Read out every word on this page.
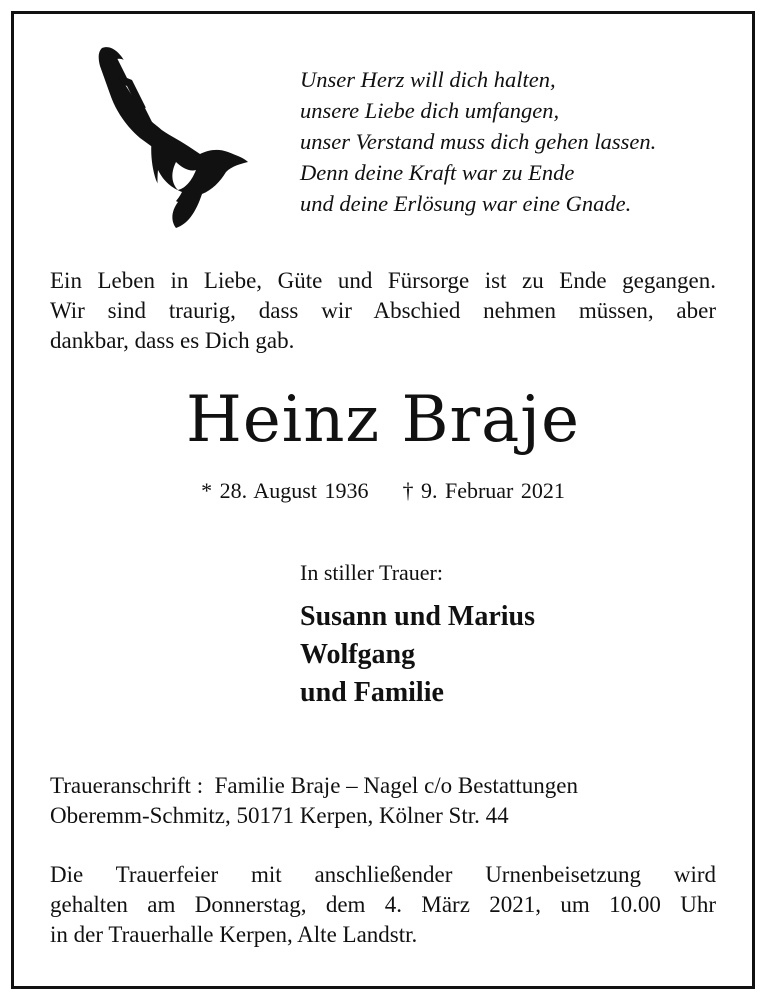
Unser Herz will dich halten,
unsere Liebe dich umfangen,
unser Verstand muss dich gehen lassen.
Denn deine Kraft war zu Ende
und deine Erlösung war eine Gnade.
Ein Leben in Liebe, Güte und Fürsorge ist zu Ende gegangen.
Wir sind traurig, dass wir Abschied nehmen müssen, aber
dankbar, dass es Dich gab.
Heinz Braje
* 28. August 1936 † 9. Februar 2021
In stiller Trauer:
Susann und Marius
Wolfgang
und Familie
Traueranschrift :  Familie Braje – Nagel c/o Bestattungen
Oberemm-Schmitz, 50171 Kerpen, Kölner Str. 44
Die Trauerfeier mit anschließender Urnenbeisetzung wird
gehalten am Donnerstag, dem 4. März 2021, um 10.00 Uhr
in der Trauerhalle Kerpen, Alte Landstr.
